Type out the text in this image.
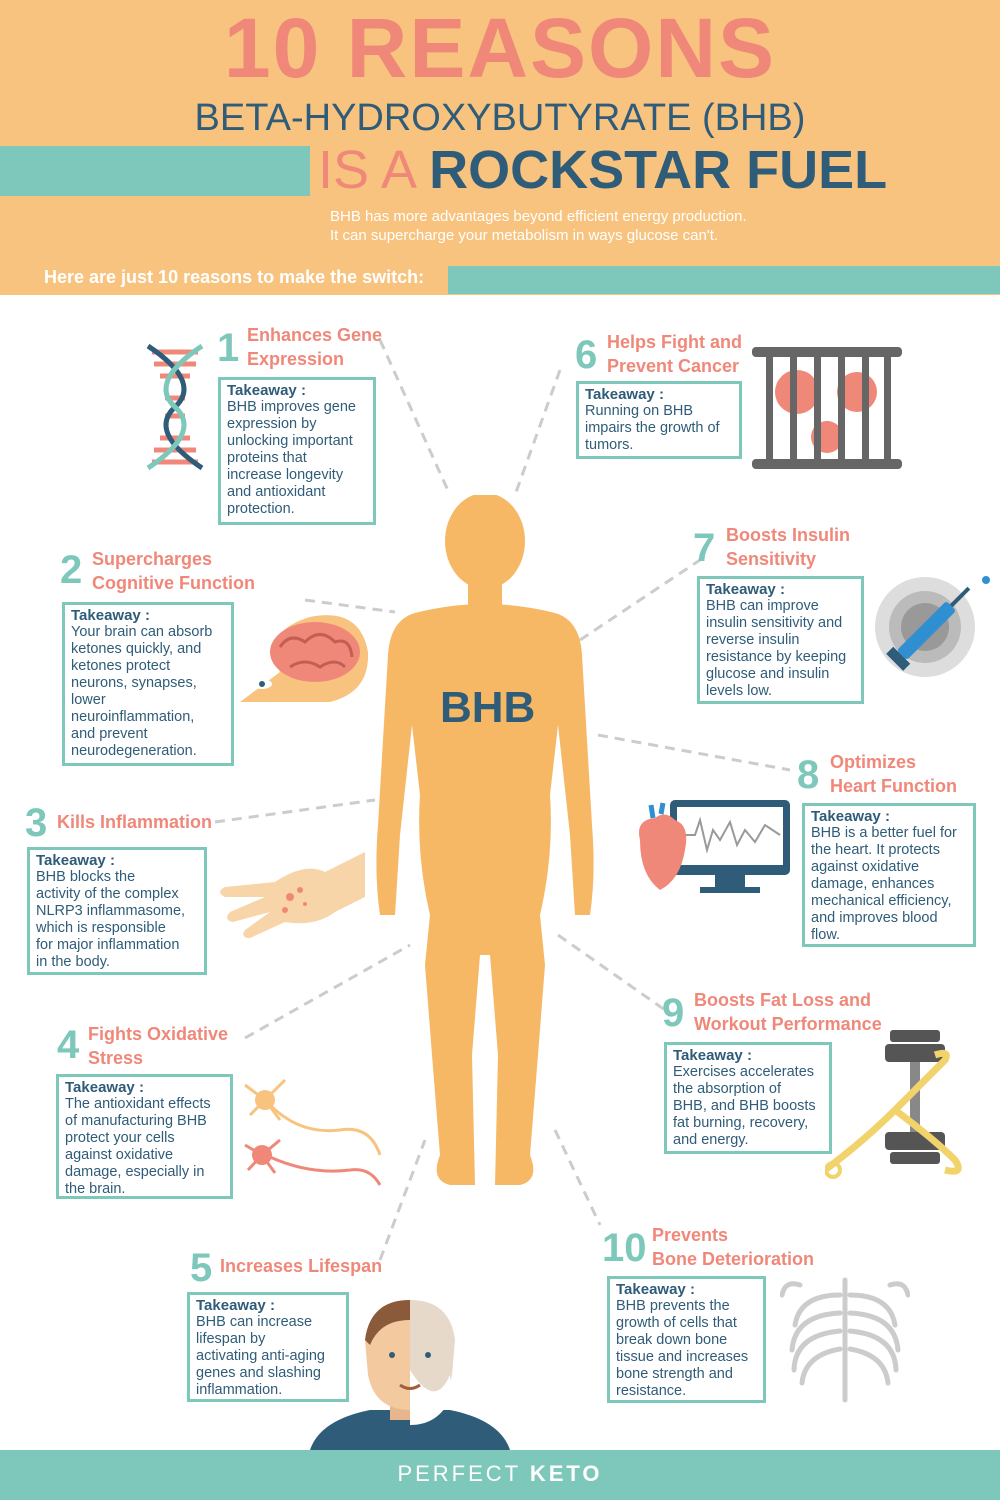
10 REASONS
BETA-HYDROXYBUTYRATE (BHB)
IS A ROCKSTAR FUEL
BHB has more advantages beyond efficient energy production.
It can supercharge your metabolism in ways glucose can't.
Here are just 10 reasons to make the switch:
BHB
1 Enhances Gene
Expression
Takeaway :
BHB improves gene
expression by
unlocking important
proteins that
increase longevity
and antioxidant
protection.
2 Supercharges
Cognitive Function
Takeaway :
Your brain can absorb
ketones quickly, and
ketones protect
neurons, synapses,
lower
neuroinflammation,
and prevent
neurodegeneration.
3 Kills Inflammation
Takeaway :
BHB blocks the
activity of the complex
NLRP3 inflammasome,
which is responsible
for major inflammation
in the body.
4 Fights Oxidative
Stress
Takeaway :
The antioxidant effects
of manufacturing BHB
protect your cells
against oxidative
damage, especially in
the brain.
5 Increases Lifespan
Takeaway :
BHB can increase
lifespan by
activating anti-aging
genes and slashing
inflammation.
6 Helps Fight and
Prevent Cancer
Takeaway :
Running on BHB
impairs the growth of
tumors.
7 Boosts Insulin
Sensitivity
Takeaway :
BHB can improve
insulin sensitivity and
reverse insulin
resistance by keeping
glucose and insulin
levels low.
8 Optimizes
Heart Function
Takeaway :
BHB is a better fuel for
the heart. It protects
against oxidative
damage, enhances
mechanical efficiency,
and improves blood
flow.
9 Boosts Fat Loss and
Workout Performance
Takeaway :
Exercises accelerates
the absorption of
BHB, and BHB boosts
fat burning, recovery,
and energy.
10 Prevents
Bone Deterioration
Takeaway :
BHB prevents the
growth of cells that
break down bone
tissue and increases
bone strength and
resistance.
PERFECT KETO
